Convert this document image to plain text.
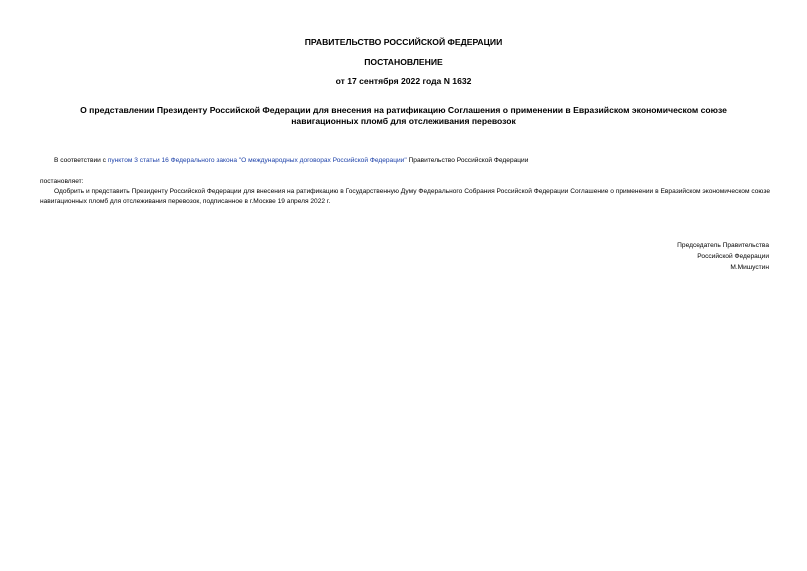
ПРАВИТЕЛЬСТВО РОССИЙСКОЙ ФЕДЕРАЦИИ
ПОСТАНОВЛЕНИЕ
от 17 сентября 2022 года N 1632
О представлении Президенту Российской Федерации для внесения на ратификацию Соглашения о применении в Евразийском экономическом союзе
навигационных пломб для отслеживания перевозок
В соответствии с пунктом 3 статьи 16 Федерального закона "О международных договорах Российской Федерации" Правительство Российской Федерации
постановляет:
Одобрить и представить Президенту Российской Федерации для внесения на ратификацию в Государственную Думу Федерального Собрания Российской Федерации Соглашение о применении в Евразийском экономическом союзе навигационных пломб для отслеживания перевозок, подписанное в г.Москве 19 апреля 2022 г.
Председатель Правительства
Российской Федерации
М.Мишустин
